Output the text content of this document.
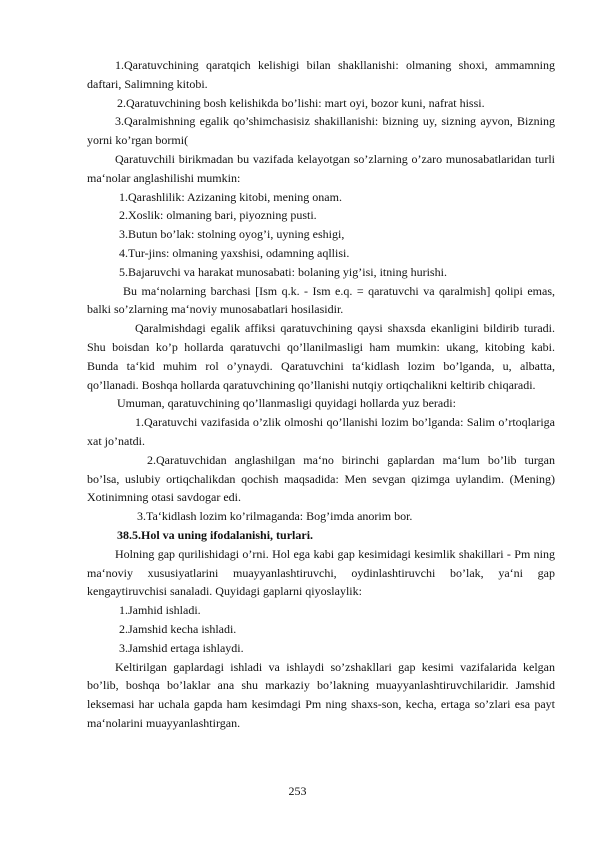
1.Qaratuvchining qaratqich kelishigi bilan shakllanishi: olmaning shoxi, ammamning daftari, Salimning kitobi.

2.Qaratuvchining bosh kelishikda bo’lishi: mart oyi, bozor kuni, nafrat hissi.

3.Qaralmishning egalik qo’shimchasisiz shakillanishi: bizning uy, sizning ayvon, Bizning yorni ko’rgan bormi(

Qaratuvchili birikmadan bu vazifada kelayotgan so’zlarning o’zaro munosabatlaridan turli ma‘nolar anglashilishi mumkin:

1.Qarashlilik: Azizaning kitobi, mening onam.

2.Xoslik: olmaning bari, piyozning pusti.

3.Butun bo’lak: stolning oyog’i, uyning eshigi,

4.Tur-jins: olmaning yaxshisi, odamning aqllisi.

5.Bajaruvchi va harakat munosabati: bolaning yig’isi, itning hurishi.

Bu ma‘nolarning barchasi [Ism q.k. - Ism e.q. = qaratuvchi va qaralmish] qolipi emas, balki so’zlarning ma‘noviy munosabatlari hosilasidir.

Qaralmishdagi egalik affiksi qaratuvchining qaysi shaxsda ekanligini bildirib turadi. Shu boisdan ko’p hollarda qaratuvchi qo’llanilmasligi ham mumkin: ukang, kitobing kabi. Bunda ta‘kid muhim rol o’ynaydi. Qaratuvchini ta‘kidlash lozim bo’lganda, u, albatta, qo’llanadi. Boshqa hollarda qaratuvchining qo’llanishi nutqiy ortiqchalikni keltirib chiqaradi.

Umuman, qaratuvchining qo’llanmasligi quyidagi hollarda yuz beradi:

1.Qaratuvchi vazifasida o’zlik olmoshi qo’llanishi lozim bo’lganda: Salim o’rtoqlariga xat jo’natdi.

2.Qaratuvchidan anglashilgan ma‘no birinchi gaplardan ma‘lum bo’lib turgan bo’lsa, uslubiy ortiqchalikdan qochish maqsadida: Men sevgan qizimga uylandim. (Mening) Xotinimning otasi savdogar edi.

3.Ta‘kidlash lozim ko’rilmaganda: Bog’imda anorim bor.

38.5.Hol va uning ifodalanishi, turlari.

Holning gap qurilishidagi o’rni. Hol ega kabi gap kesimidagi kesimlik shakillari - Pm ning ma‘noviy xususiyatlarini muayyanlashtiruvchi, oydinlashtiruvchi bo’lak, ya‘ni gap kengaytiruvchisi sanaladi. Quyidagi gaplarni qiyoslaylik:

1.Jamhid ishladi.

2.Jamshid kecha ishladi.

3.Jamshid ertaga ishlaydi.

Keltirilgan gaplardagi ishladi va ishlaydi so’zshakllari gap kesimi vazifalarida kelgan bo’lib, boshqa bo’laklar ana shu markaziy bo’lakning muayyanlashtiruvchilaridir. Jamshid leksemasi har uchala gapda ham kesimdagi Pm ning shaxs-son, kecha, ertaga so’zlari esa payt ma‘nolarini muayyanlashtirgan.

253
